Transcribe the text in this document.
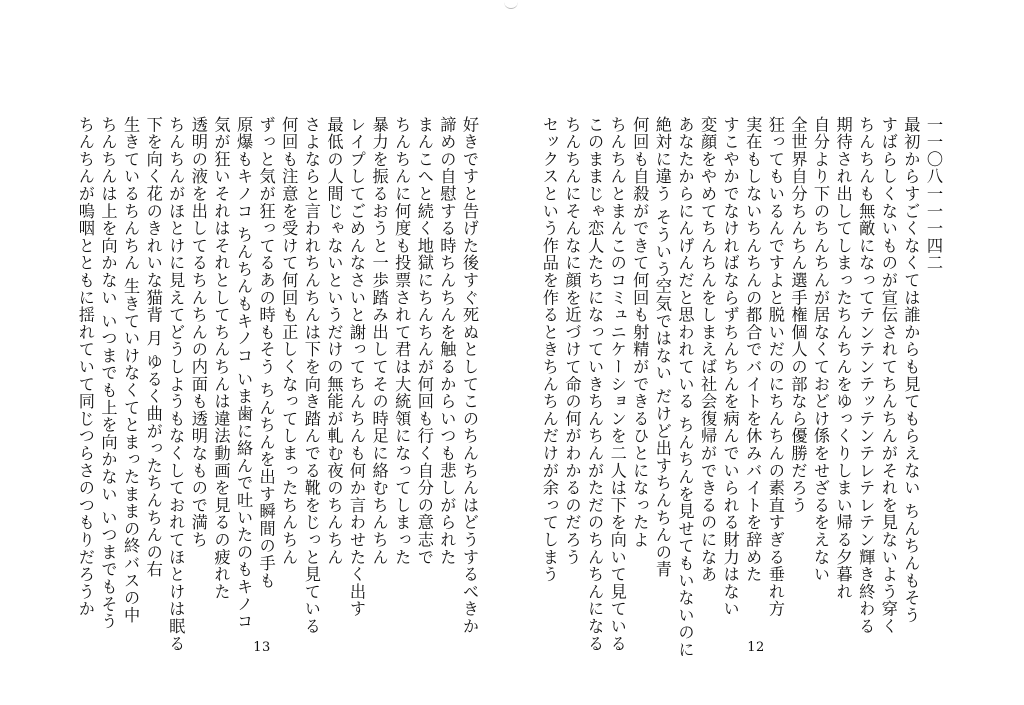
好きですと告げた後すぐ死ぬとしてこのちんちんはどうするべきか
諦めの自慰する時ちんちんを触るからいつも悲しがられた
まんこへと続く地獄にちんちんが何回も行く自分の意志で
ちんちんに何度も投票されて君は大統領になってしまった
暴力を振るおうと一歩踏み出してその時足に絡むちんちん
レイプしてごめんなさいと謝ってちんちんも何か言わせたく出す
最低の人間じゃないというだけの無能が軋む夜のちんちん
さよならと言われちんちんは下を向き踏んでる靴をじっと見ている
何回も注意を受けて何回も正しくなってしまったちんちん
ずっと気が狂ってるあの時もそう ちんちんを出す瞬間の手も
原爆もキノコ ちんちんもキノコ いま歯に絡んで吐いたのもキノコ
気が狂いそれはそれとしてちんちんは違法動画を見るの疲れた
透明の液を出してるちんちんの内面も透明なもので満ち
ちんちんがほとけに見えてどうしようもなくしておれてほとけは眠る
下を向く花のきれいな猫背 月 ゆるく曲がったちんちんの右
生きているちんちん 生きていけなくてとまったままの終バスの中
ちんちんは上を向かない いつまでも上を向かない いつまでもそう
ちんちんが嗚咽とともに揺れていて同じつらさのつもりだろうか
13
一一〇八一一一四二
最初からすごくなくては誰からも見てもらえない ちんちんもそう
すばらしくないものが宣伝されてちんちんがそれを見ないよう穿く
ちんちんも無敵になってテンテンテッテンテレテレテン輝き終わる
期待され出してしまったちんちんをゆっくりしまい帰る夕暮れ
自分より下のちんちんが居なくておどけ係をせざるをえない
全世界自分ちんちん選手権個人の部なら優勝だろう
狂ってもいるんですよと脱いだのにちんちんの素直すぎる垂れ方
実在もしないちんちんの都合でバイトを休みバイトを辞めた
すこやかでなければならずちんちんを病んでいられる財力はない
変顔をやめてちんちんをしまえば社会復帰ができるのになあ
あなたからにんげんだと思われている ちんちんを見せてもいないのに
絶対に違う そういう空気ではない だけど出すちんちんの青
何回も自殺ができて何回も射精ができるひとになったよ
ちんちんとまんこのコミュニケーションを二人は下を向いて見ている
このままじゃ恋人たちになっていきちんちんがただのちんちんになる
ちんちんにそんなに顔を近づけて命の何がわかるのだろう
セックスという作品を作るときちんちんだけが余ってしまう
12
